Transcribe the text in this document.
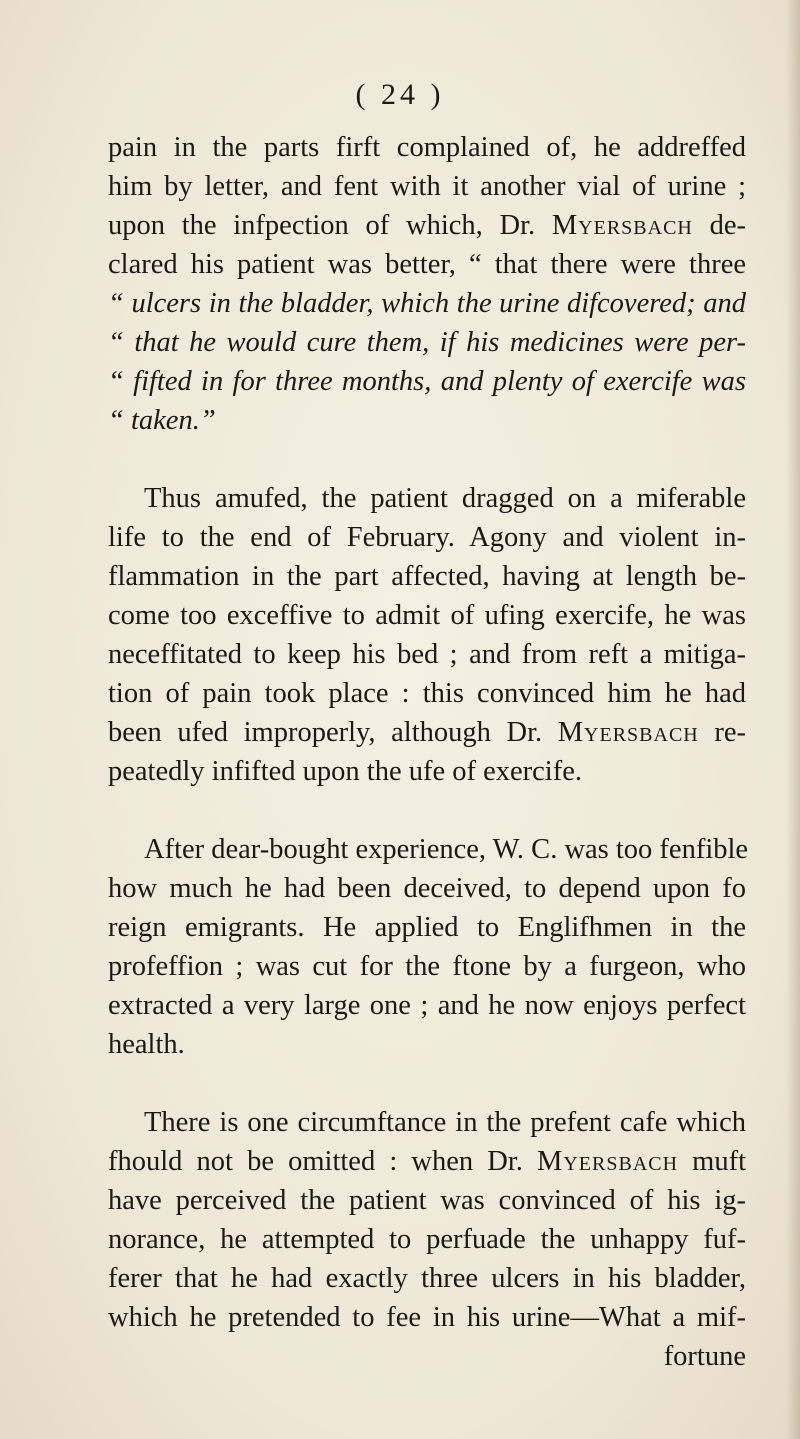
( 24 )
pain in the parts firft complained of, he addreffed
him by letter, and fent with it another vial of urine ;
upon the infpection of which, Dr. Myersbach de-
clared his patient was better, “ that there were three
“ ulcers in the bladder, which the urine difcovered; and
“ that he would cure them, if his medicines were per-
“ fifted in for three months, and plenty of exercife was
“ taken.”
Thus amufed, the patient dragged on a miferable
life to the end of February. Agony and violent in-
flammation in the part affected, having at length be-
come too exceffive to admit of ufing exercife, he was
neceffitated to keep his bed ; and from reft a mitiga-
tion of pain took place : this convinced him he had
been ufed improperly, although Dr. Myersbach re-
peatedly infifted upon the ufe of exercife.
After dear-bought experience, W. C. was too fenfible
how much he had been deceived, to depend upon fo
reign emigrants. He applied to Englifhmen in the
profeffion ; was cut for the ftone by a furgeon, who
extracted a very large one ; and he now enjoys perfect
health.
There is one circumftance in the prefent cafe which
fhould not be omitted : when Dr. Myersbach muft
have perceived the patient was convinced of his ig-
norance, he attempted to perfuade the unhappy fuf-
ferer that he had exactly three ulcers in his bladder,
which he pretended to fee in his urine—What a mif-
fortune
